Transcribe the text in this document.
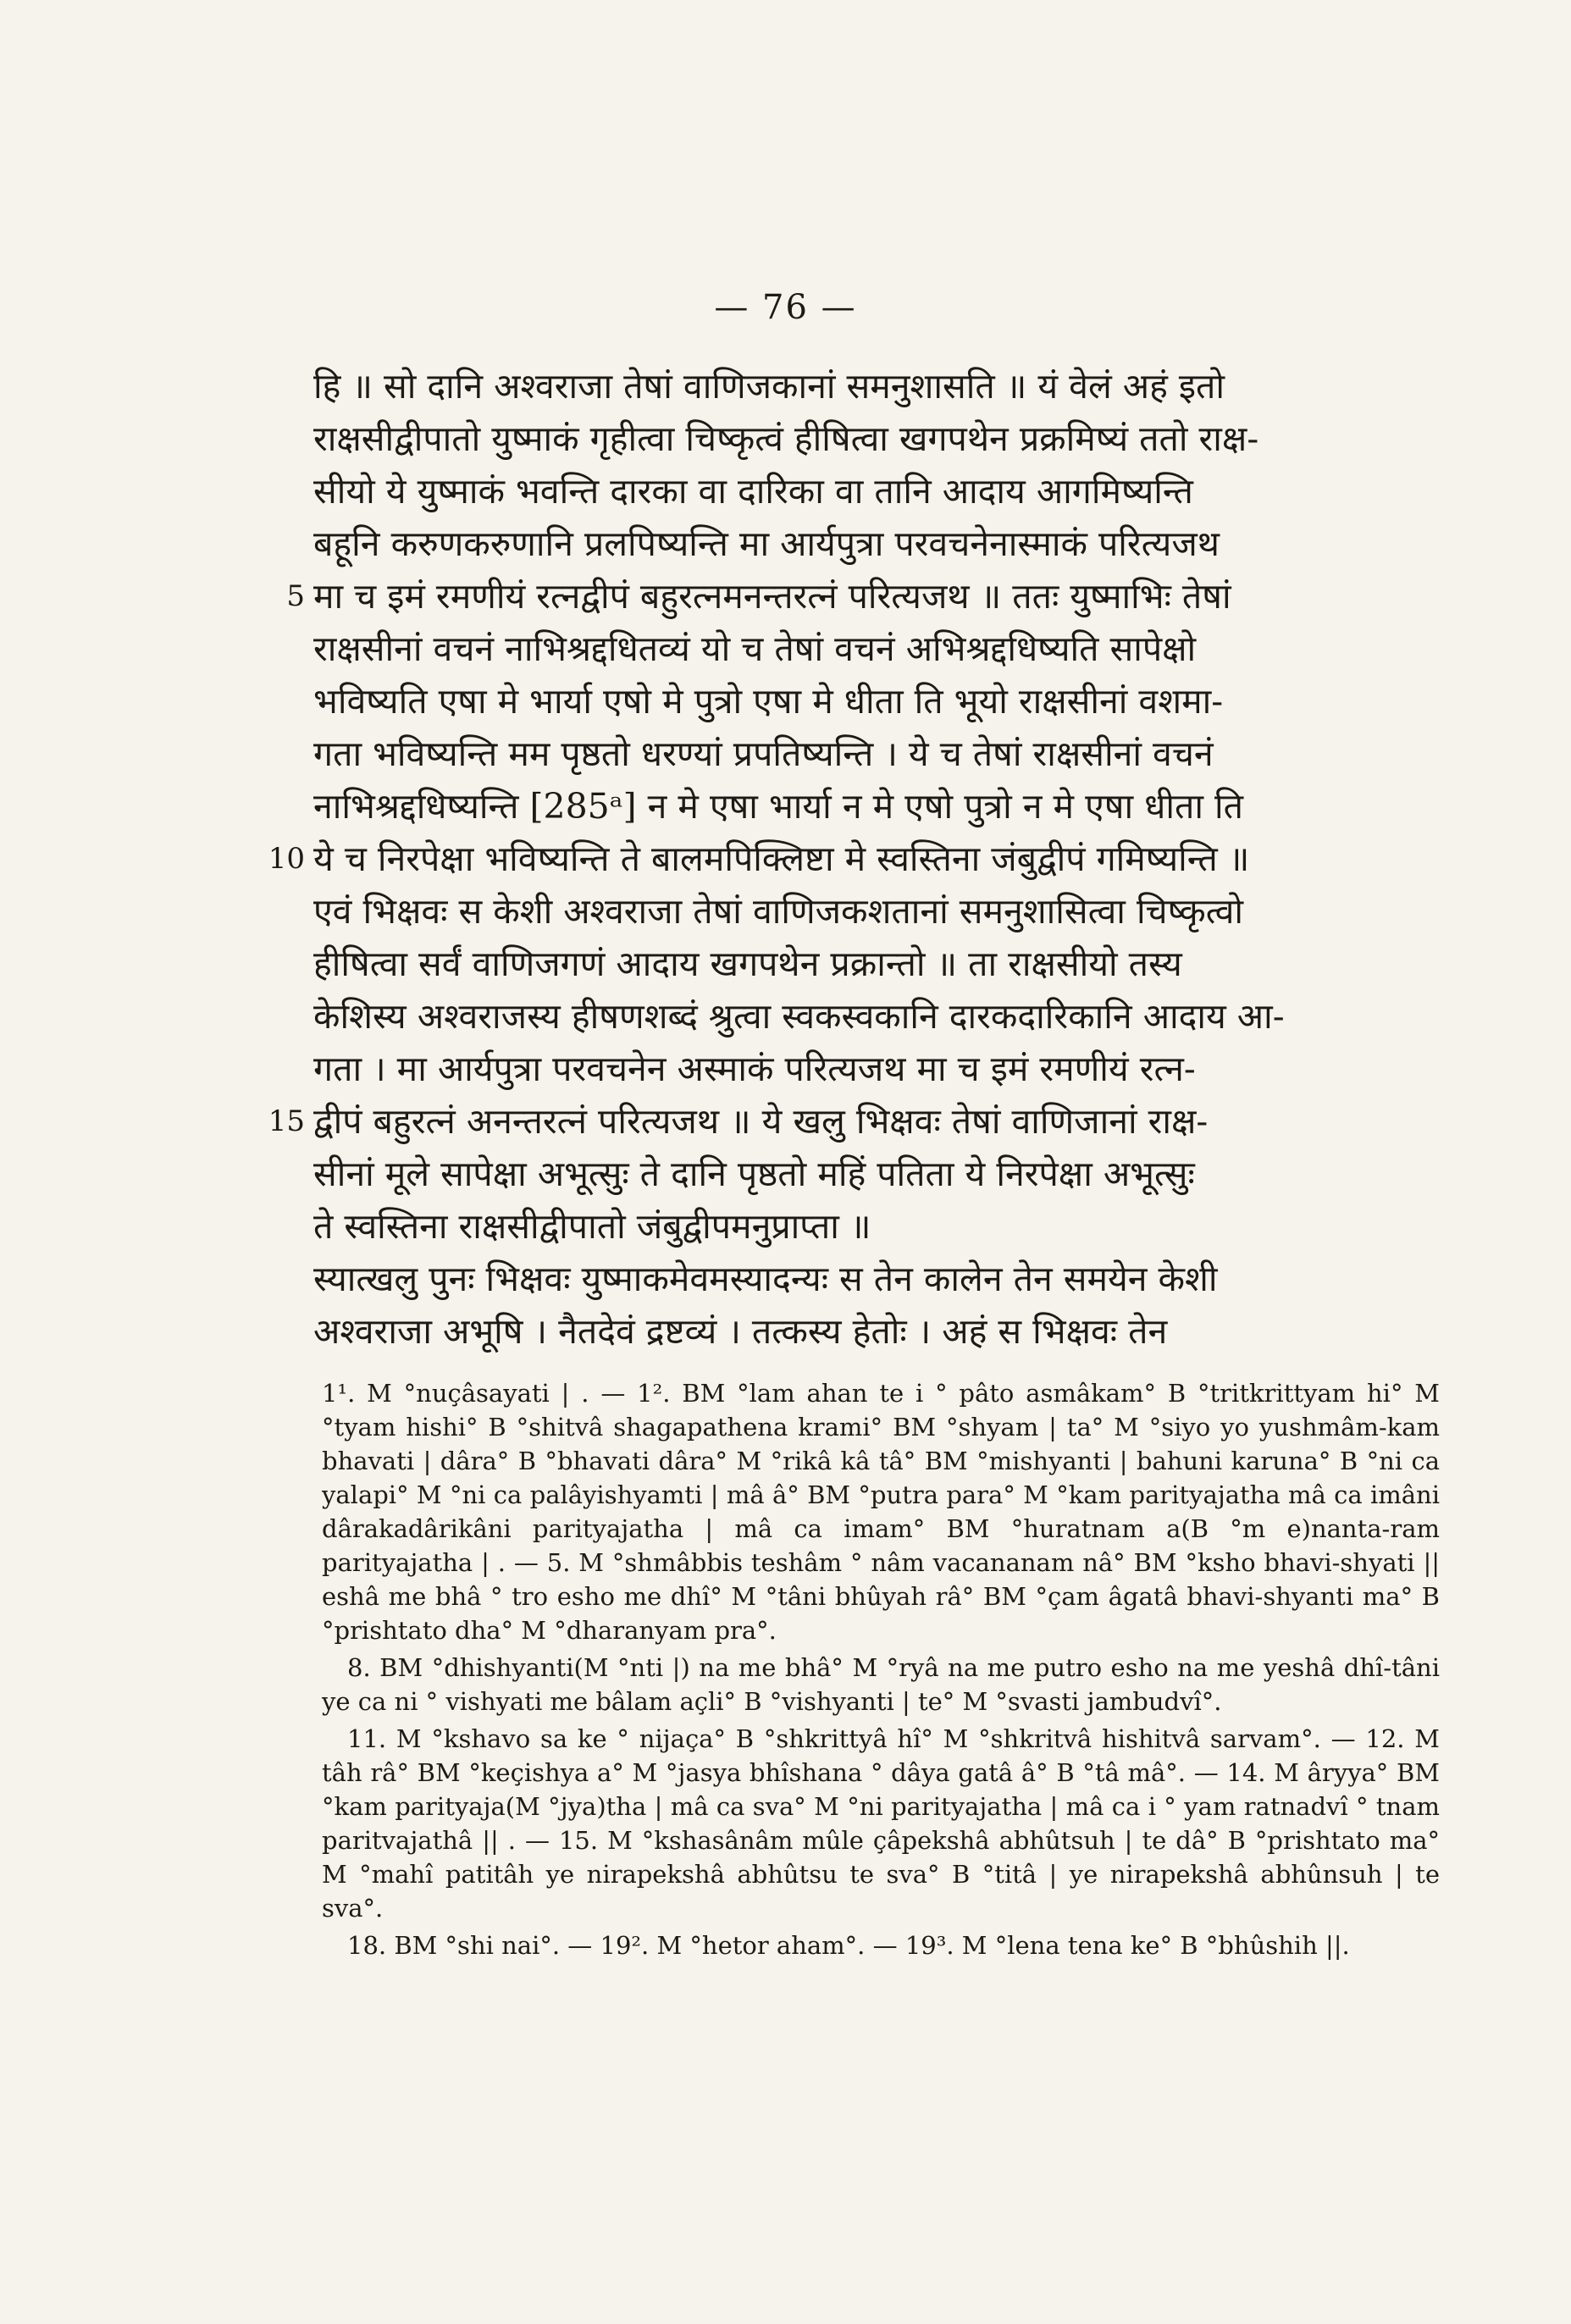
— 76 —
हि ॥ सो दानि अश्वराजा तेषां वाणिजकानां समनुशासति ॥ यं वेलं अहं इतो
राक्षसीद्वीपातो युष्माकं गृहीत्वा चिष्कृत्वं हीषित्वा खगपथेन प्रक्रमिष्यं ततो राक्ष-
सीयो ये युष्माकं भवन्ति दारका वा दारिका वा तानि आदाय आगमिष्यन्ति
बहूनि करुणकरुणानि प्रलपिष्यन्ति मा आर्यपुत्रा परवचनेनास्माकं परित्यजथ
5 मा च इमं रमणीयं रत्नद्वीपं बहुरत्नमनन्तरत्नं परित्यजथ ॥ ततः युष्माभिः तेषां
राक्षसीनां वचनं नाभिश्रद्दधितव्यं यो च तेषां वचनं अभिश्रद्दधिष्यति सापेक्षो
भविष्यति एषा मे भार्या एषो मे पुत्रो एषा मे धीता ति भूयो राक्षसीनां वशमा-
गता भविष्यन्ति मम पृष्ठतो धरण्यां प्रपतिष्यन्ति । ये च तेषां राक्षसीनां वचनं
नाभिश्रद्दधिष्यन्ति [285ᵃ] न मे एषा भार्या न मे एषो पुत्रो न मे एषा धीता ति
10 ये च निरपेक्षा भविष्यन्ति ते बालमपिक्लिष्टा मे स्वस्तिना जंबुद्वीपं गमिष्यन्ति ॥
एवं भिक्षवः स केशी अश्वराजा तेषां वाणिजकशतानां समनुशासित्वा चिष्कृत्वो
हीषित्वा सर्वं वाणिजगणं आदाय खगपथेन प्रक्रान्तो ॥ ता राक्षसीयो तस्य
केशिस्य अश्वराजस्य हीषणशब्दं श्रुत्वा स्वकस्वकानि दारकदारिकानि आदाय आ-
गता । मा आर्यपुत्रा परवचनेन अस्माकं परित्यजथ मा च इमं रमणीयं रत्न-
15 द्वीपं बहुरत्नं अनन्तरत्नं परित्यजथ ॥ ये खलु भिक्षवः तेषां वाणिजानां राक्ष-
सीनां मूले सापेक्षा अभूत्सुः ते दानि पृष्ठतो महिं पतिता ये निरपेक्षा अभूत्सुः
ते स्वस्तिना राक्षसीद्वीपातो जंबुद्वीपमनुप्राप्ता ॥
स्यात्खलु पुनः भिक्षवः युष्माकमेवमस्यादन्यः स तेन कालेन तेन समयेन केशी
अश्वराजा अभूषि । नैतदेवं द्रष्टव्यं । तत्कस्य हेतोः । अहं स भिक्षवः तेन

1¹. M °nuçâsayati | . — 1². BM °lam ahan te i ° pâto asmâkam° B °tritkrittyam hi° M °tyam hishi° B °shitvâ shagapathena krami° BM °shyam | ta° M °siyo yo yushmâm-kam bhavati | dâra° B °bhavati dâra° M °rikâ kâ tâ° BM °mishyanti | bahuni karuna° B °ni ca yalapi° M °ni ca palâyishyamti | mâ â° BM °putra para° M °kam parityajatha mâ ca imâni dârakadârikâni parityajatha | mâ ca imam° BM °huratnam a(B °m e)nanta-ram parityajatha | . — 5. M °shmâbbis teshâm ° nâm vacananam nâ° BM °ksho bhavi-shyati || eshâ me bhâ ° tro esho me dhî° M °tâni bhûyah râ° BM °çam âgatâ bhavi-shyanti ma° B °prishtato dha° M °dharanyam pra°.

8. BM °dhishyanti(M °nti |) na me bhâ° M °ryâ na me putro esho na me yeshâ dhî-tâni ye ca ni ° vishyati me bâlam açli° B °vishyanti | te° M °svasti jambudvî°.

11. M °kshavo sa ke ° nijaça° B °shkrittyâ hî° M °shkritvâ hishitvâ sarvam°. — 12. M tâh râ° BM °keçishya a° M °jasya bhîshana ° dâya gatâ â° B °tâ mâ°. — 14. M âryya° BM °kam parityaja(M °jya)tha | mâ ca sva° M °ni parityajatha | mâ ca i ° yam ratnadvî ° tnam paritvajathâ || . — 15. M °kshasânâm mûle çâpekshâ abhûtsuh | te dâ° B °prishtato ma° M °mahî patitâh ye nirapekshâ abhûtsu te sva° B °titâ | ye nirapekshâ abhûnsuh | te sva°.

18. BM °shi nai°. — 19². M °hetor aham°. — 19³. M °lena tena ke° B °bhûshih ||.
